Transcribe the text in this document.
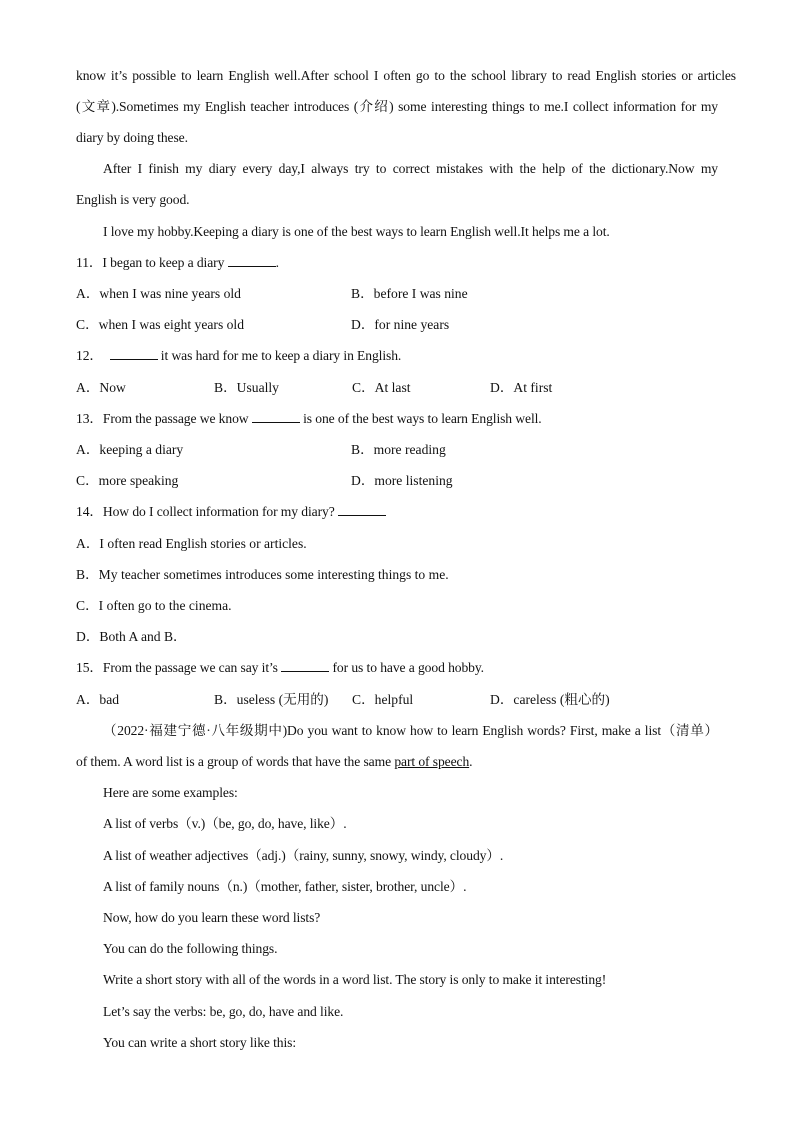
know it’s possible to learn English well.After school I often go to the school library to read English stories or articles
(文章).Sometimes my English teacher introduces (介绍) some interesting things to me.I collect information for my
diary by doing these.
After I finish my diary every day,I always try to correct mistakes with the help of the dictionary.Now my
English is very good.
I love my hobby.Keeping a diary is one of the best ways to learn English well.It helps me a lot.
11．I began to keep a diary	.
A．when I was nine years old	B．before I was nine
C．when I was eight years old	D．for nine years
12．	it was hard for me to keep a diary in English.
A．Now	B．Usually	C．At last	D．At first
13．From the passage we know	is one of the best ways to learn English well.
A．keeping a diary	B．more reading
C．more speaking	D．more listening
14．How do I collect information for my diary?
A．I often read English stories or articles.
B．My teacher sometimes introduces some interesting things to me.
C．I often go to the cinema.
D．Both A and B．
15．From the passage we can say it’s	for us to have a good hobby.
A．bad	B．useless (无用的) C．helpful	D．careless (粗心的)
（2022·福建宁德·八年级期中)Do you want to know how to learn English words? First, make a list（清单）
of them. A word list is a group of words that have the same part of speech.
Here are some examples:
A list of verbs（v.)（be, go, do, have, like）.
A list of weather adjectives（adj.)（rainy, sunny, snowy, windy, cloudy）.
A list of family nouns（n.)（mother, father, sister, brother, uncle）.
Now, how do you learn these word lists?
You can do the following things.
Write a short story with all of the words in a word list. The story is only to make it interesting!
Let’s say the verbs: be, go, do, have and like.
You can write a short story like this:
